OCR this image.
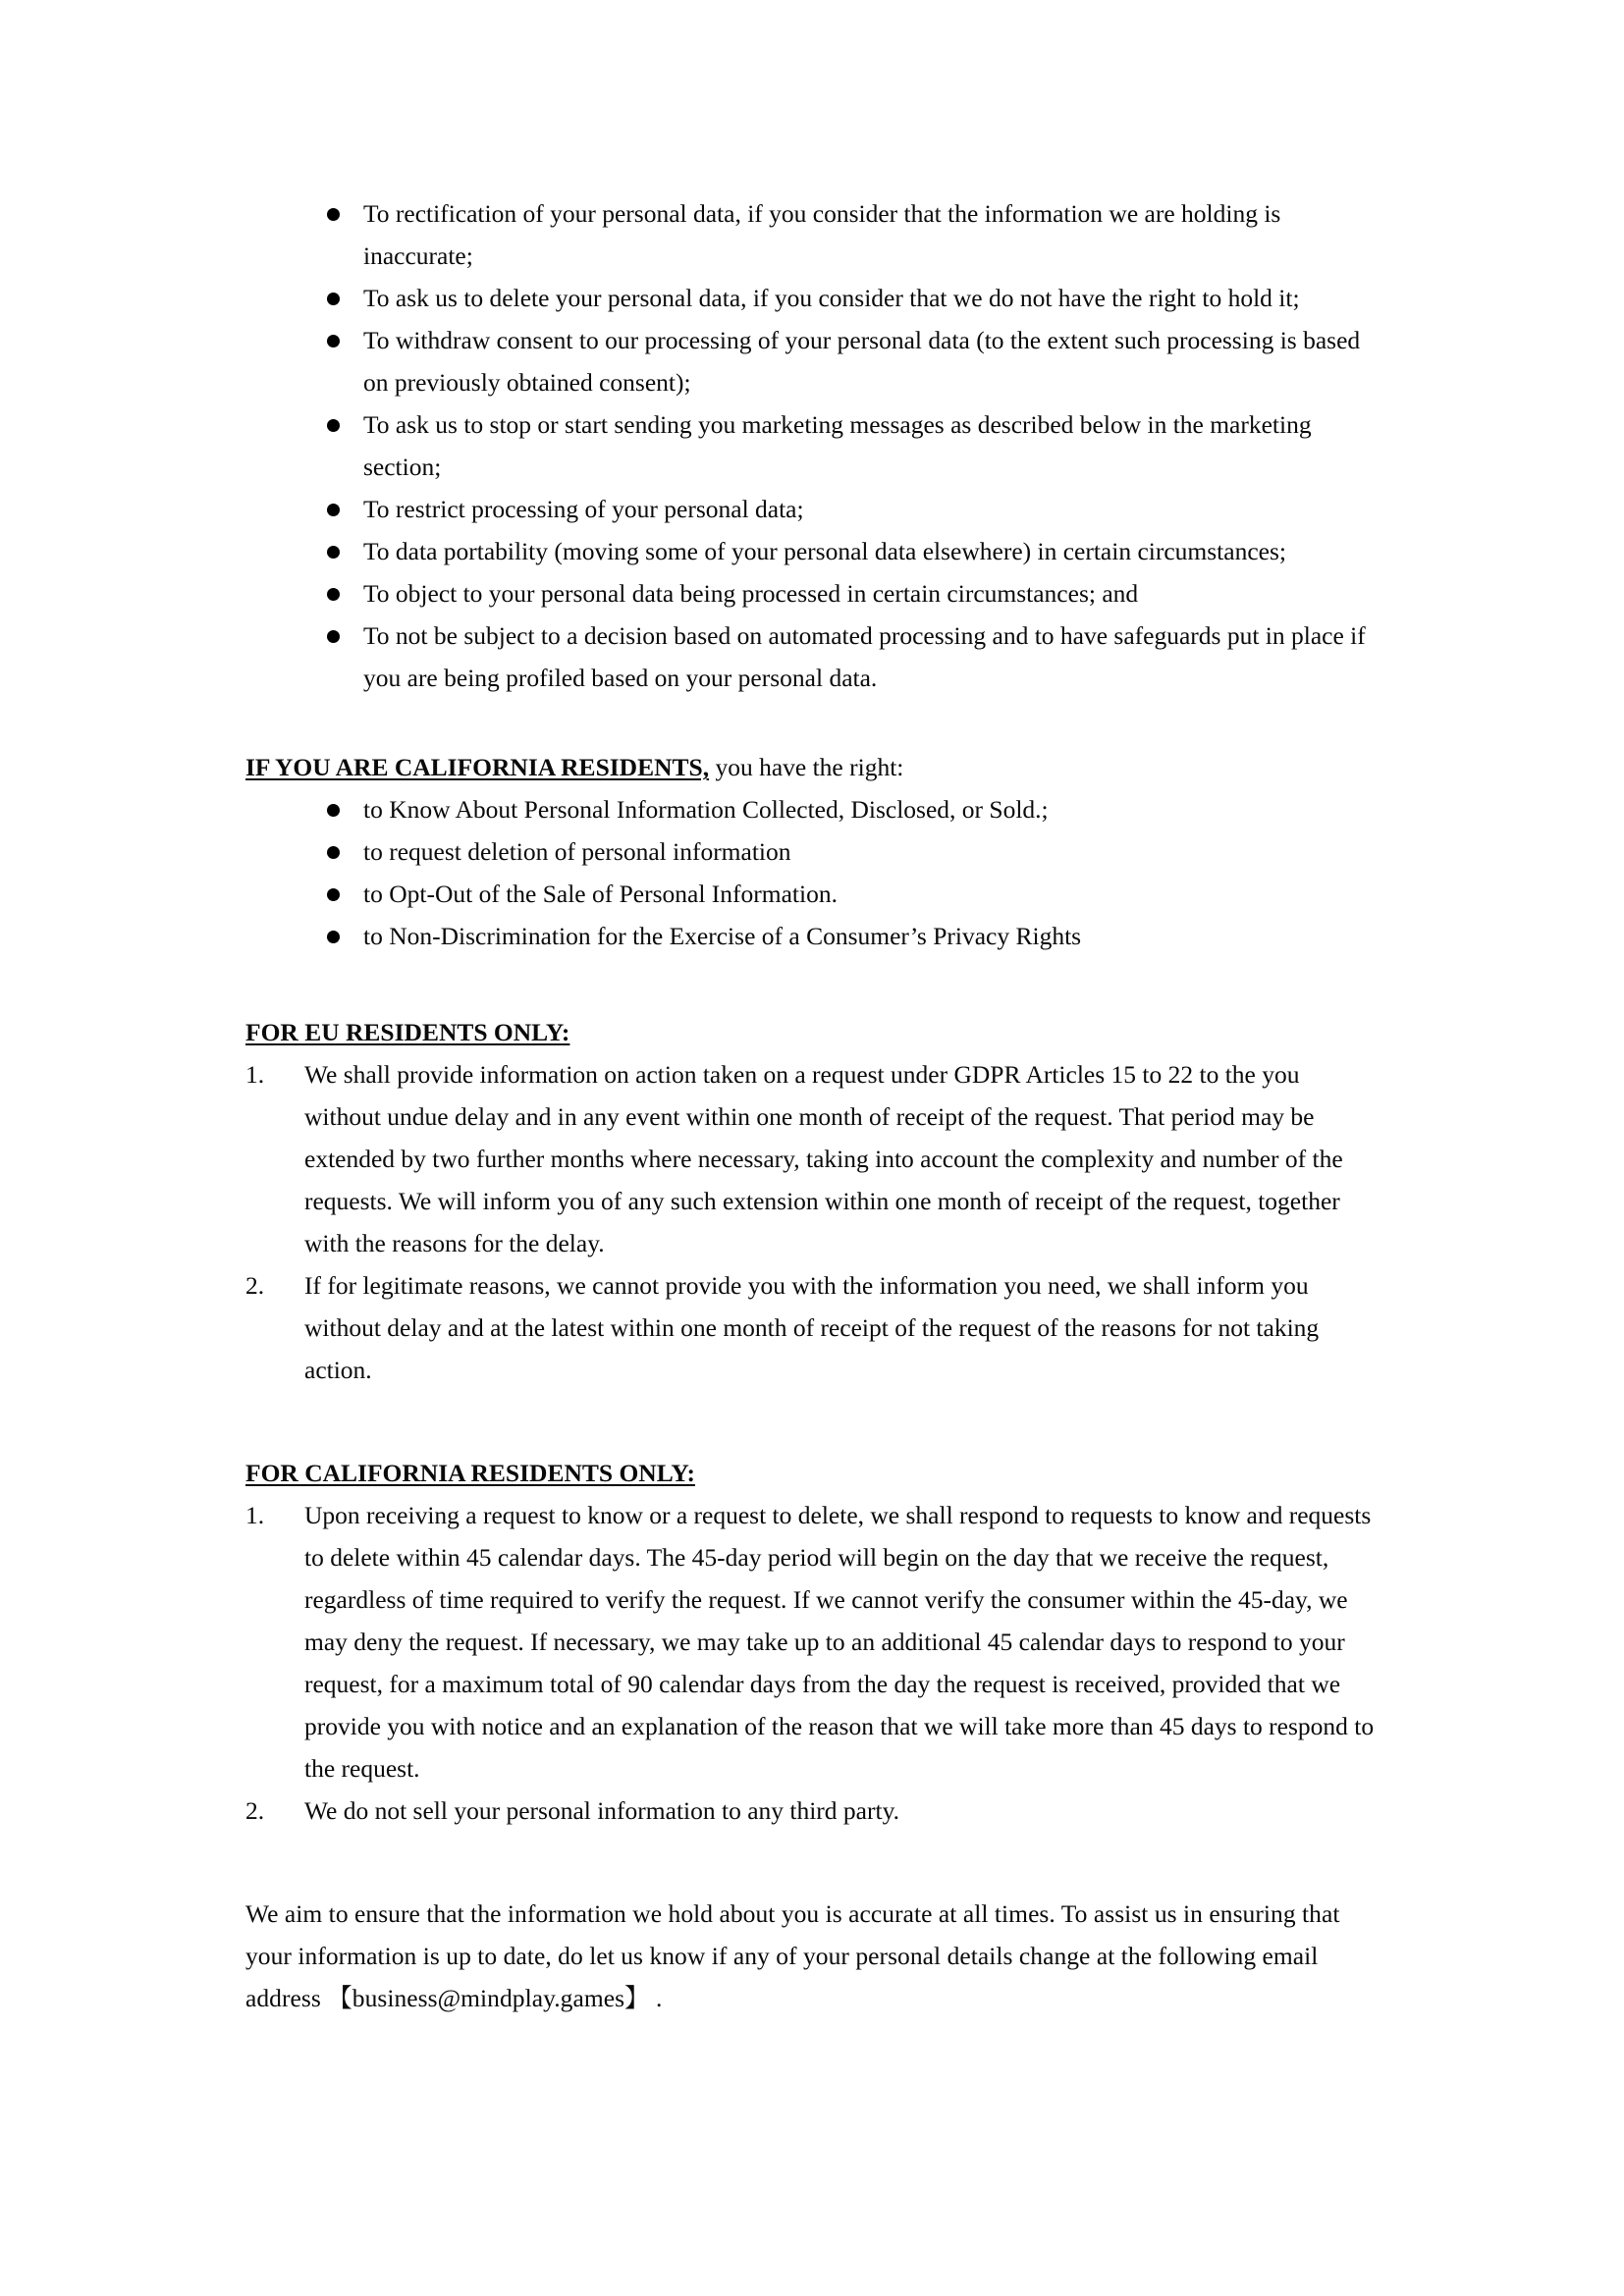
To rectification of your personal data, if you consider that the information we are holding is inaccurate;
To ask us to delete your personal data, if you consider that we do not have the right to hold it;
To withdraw consent to our processing of your personal data (to the extent such processing is based on previously obtained consent);
To ask us to stop or start sending you marketing messages as described below in the marketing section;
To restrict processing of your personal data;
To data portability (moving some of your personal data elsewhere) in certain circumstances;
To object to your personal data being processed in certain circumstances; and
To not be subject to a decision based on automated processing and to have safeguards put in place if you are being profiled based on your personal data.

IF YOU ARE CALIFORNIA RESIDENTS, you have the right:

to Know About Personal Information Collected, Disclosed, or Sold.;
to request deletion of personal information
to Opt-Out of the Sale of Personal Information.
to Non-Discrimination for the Exercise of a Consumer’s Privacy Rights

FOR EU RESIDENTS ONLY:

1.	We shall provide information on action taken on a request under GDPR Articles 15 to 22 to the you without undue delay and in any event within one month of receipt of the request. That period may be extended by two further months where necessary, taking into account the complexity and number of the requests. We will inform you of any such extension within one month of receipt of the request, together with the reasons for the delay.
2.	If for legitimate reasons, we cannot provide you with the information you need, we shall inform you without delay and at the latest within one month of receipt of the request of the reasons for not taking action.

FOR CALIFORNIA RESIDENTS ONLY:

1.	Upon receiving a request to know or a request to delete, we shall respond to requests to know and requests to delete within 45 calendar days. The 45-day period will begin on the day that we receive the request, regardless of time required to verify the request. If we cannot verify the consumer within the 45-day, we may deny the request. If necessary, we may take up to an additional 45 calendar days to respond to your request, for a maximum total of 90 calendar days from the day the request is received, provided that we provide you with notice and an explanation of the reason that we will take more than 45 days to respond to the request.
2.	We do not sell your personal information to any third party.

We aim to ensure that the information we hold about you is accurate at all times. To assist us in ensuring that your information is up to date, do let us know if any of your personal details change at the following email address 【business@mindplay.games】 .
